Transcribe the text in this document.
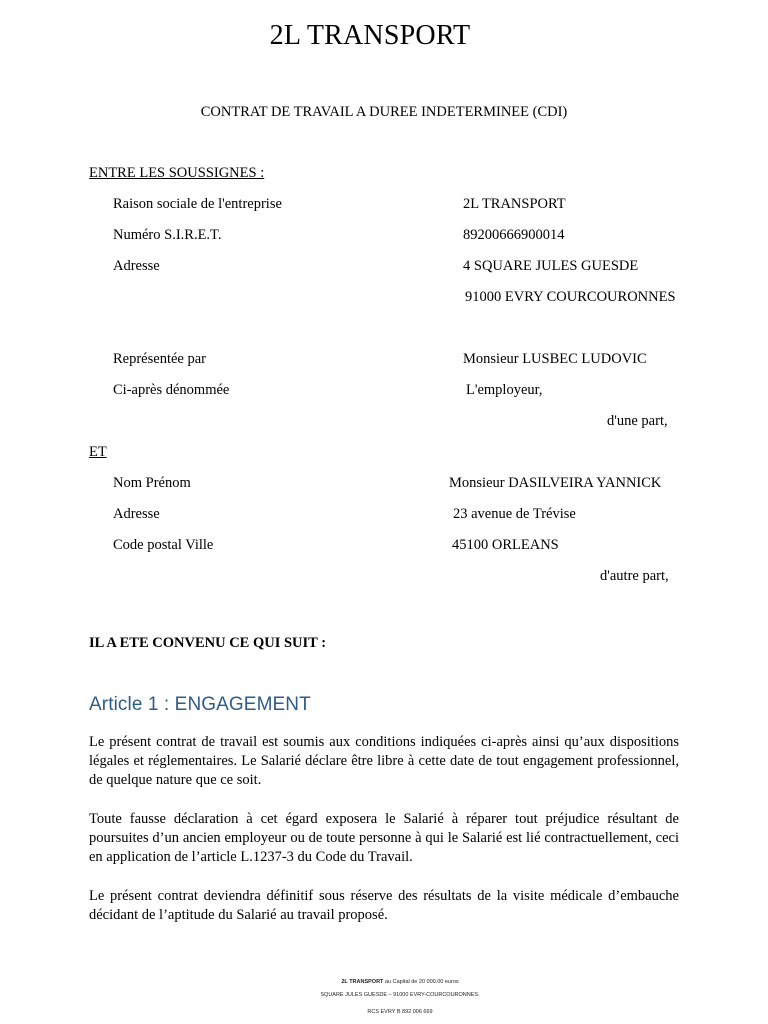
2L TRANSPORT
CONTRAT DE TRAVAIL A DUREE INDETERMINEE (CDI)
ENTRE LES SOUSSIGNES :
Raison sociale de l'entreprise	2L TRANSPORT
Numéro S.I.R.E.T.	89200666900014
Adresse	4 SQUARE JULES GUESDE
91000 EVRY COURCOURONNES
Représentée par	Monsieur LUSBEC LUDOVIC
Ci-après dénommée	L'employeur,
d'une part,
ET
Nom Prénom	Monsieur DASILVEIRA YANNICK
Adresse	23 avenue de Trévise
Code postal Ville	45100 ORLEANS
d'autre part,
IL A ETE CONVENU CE QUI SUIT :
Article 1 : ENGAGEMENT

Le présent contrat de travail est soumis aux conditions indiquées ci-après ainsi qu’aux dispositions légales et réglementaires. Le Salarié déclare être libre à cette date de tout engagement professionnel, de quelque nature que ce soit.

Toute fausse déclaration à cet égard exposera le Salarié à réparer tout préjudice résultant de poursuites d’un ancien employeur ou de toute personne à qui le Salarié est lié contractuellement, ceci en application de l’article L.1237-3 du Code du Travail.

Le présent contrat deviendra définitif sous réserve des résultats de la visite médicale d’embauche décidant de l’aptitude du Salarié au travail proposé.

2L TRANSPORT au Capital de 20 000.00 euros
SQUARE JULES GUESDE – 91000 EVRY-COURCOURONNES.
RCS EVRY B 892 006 669
